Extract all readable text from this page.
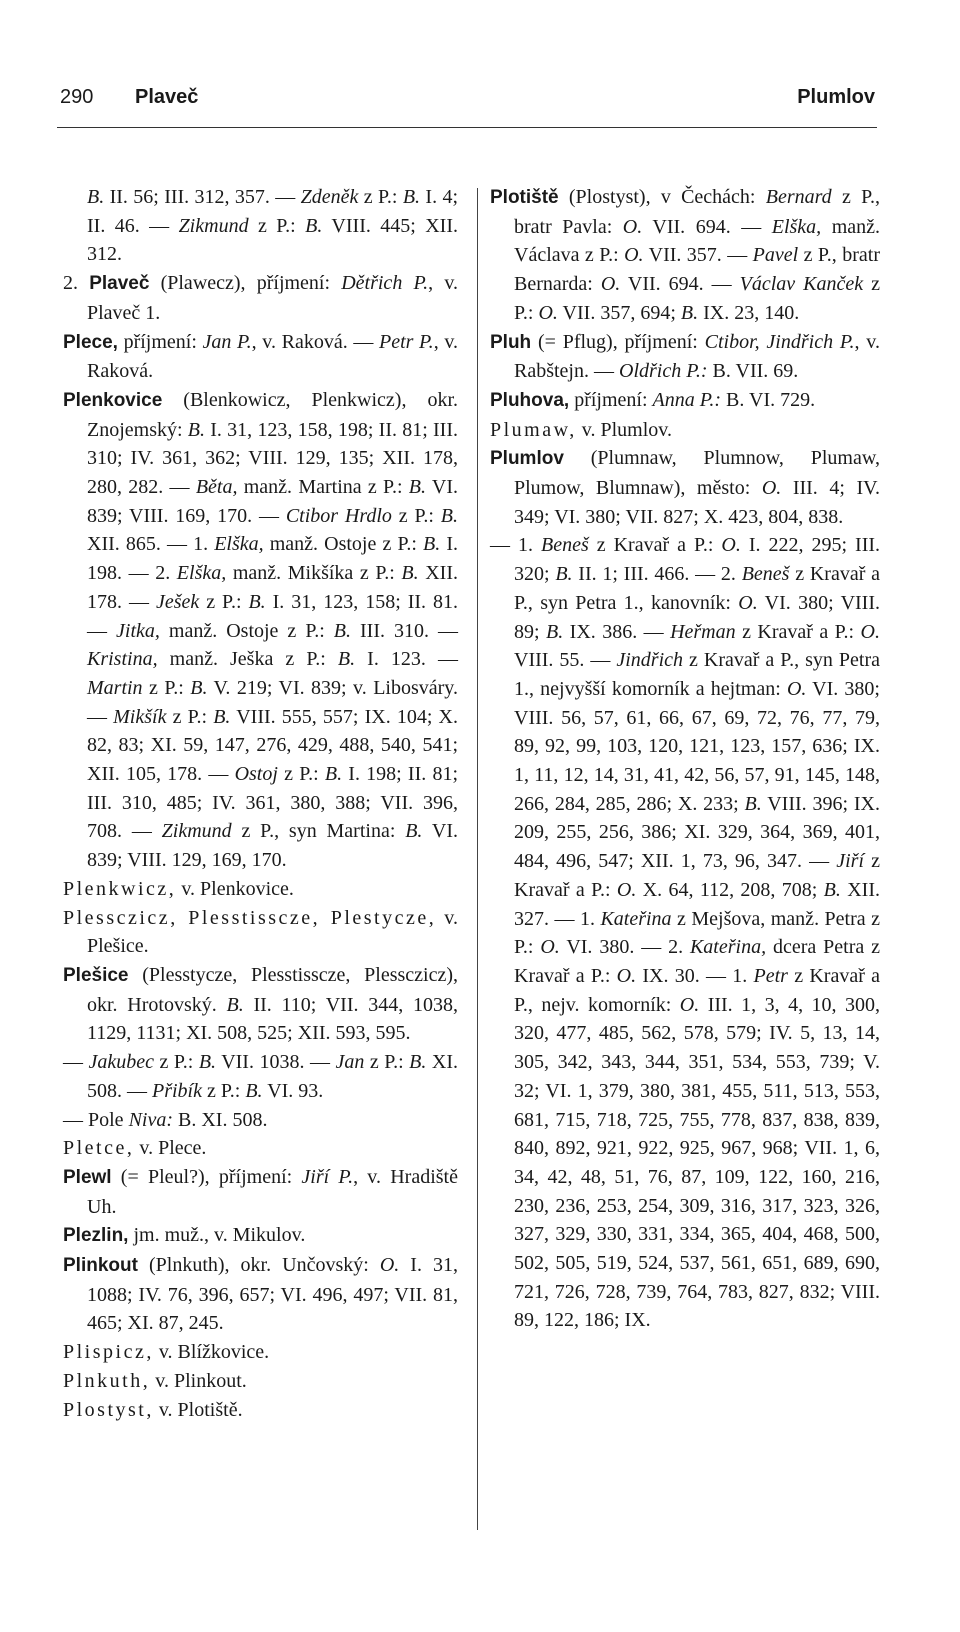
290 Plaveč	Plumlov

B. II. 56; III. 312, 357. — Zdeněk z P.: B. I. 4; II. 46. — Zikmund z P.: B. VIII. 445; XII. 312.

2. Plaveč (Plawecz), příjmení: Dětřich P., v. Plaveč 1.

Plece, příjmení: Jan P., v. Raková. — Petr P., v. Raková.

Plenkovice (Blenkowicz, Plenkwicz), okr. Znojemský: B. I. 31, 123, 158, 198; II. 81; III. 310; IV. 361, 362; VIII. 129, 135; XII. 178, 280, 282. — Běta, manž. Martina z P.: B. VI. 839; VIII. 169, 170. — Ctibor Hrdlo z P.: B. XII. 865. — 1. Elška, manž. Ostoje z P.: B. I. 198. — 2. Elška, manž. Mikšíka z P.: B. XII. 178. — Ješek z P.: B. I. 31, 123, 158; II. 81. — Jitka, manž. Ostoje z P.: B. III. 310. — Kristina, manž. Ješka z P.: B. I. 123. — Martin z P.: B. V. 219; VI. 839; v. Libosváry. — Mikšík z P.: B. VIII. 555, 557; IX. 104; X. 82, 83; XI. 59, 147, 276, 429, 488, 540, 541; XII. 105, 178. — Ostoj z P.: B. I. 198; II. 81; III. 310, 485; IV. 361, 380, 388; VII. 396, 708. — Zikmund z P., syn Martina: B. VI. 839; VIII. 129, 169, 170.

Plenkwicz, v. Plenkovice.

Plessczicz, Plesstissсze, Plestycze, v. Plešice.

Plešice (Plesstycze, Plesstisscze, Plessczicz), okr. Hrotovský. B. II. 110; VII. 344, 1038, 1129, 1131; XI. 508, 525; XII. 593, 595.

— Jakubec z P.: B. VII. 1038. — Jan z P.: B. XI. 508. — Přibík z P.: B. VI. 93.

— Pole Niva: B. XI. 508.

Pletce, v. Plece.

Plewl (= Pleul?), příjmení: Jiří P., v. Hradiště Uh.

Plezlin, jm. muž., v. Mikulov.

Plinkout (Plnkuth), okr. Unčovský: O. I. 31, 1088; IV. 76, 396, 657; VI. 496, 497; VII. 81, 465; XI. 87, 245.

Plispicz, v. Blížkovice.

Plnkuth, v. Plinkout.

Plostyst, v. Plotiště.

Plotiště (Plostyst), v Čechách: Bernard z P., bratr Pavla: O. VII. 694. — Elška, manž. Václava z P.: O. VII. 357. — Pavel z P., bratr Bernarda: O. VII. 694. — Václav Kanček z P.: O. VII. 357, 694; B. IX. 23, 140.

Pluh (= Pflug), příjmení: Ctibor, Jindřich P., v. Rabštejn. — Oldřich P.: B. VII. 69.

Pluhova, příjmení: Anna P.: B. VI. 729.

Plumaw, v. Plumlov.

Plumlov (Plumnaw, Plumnow, Plumaw, Plumow, Blumnaw), město: O. III. 4; IV. 349; VI. 380; VII. 827; X. 423, 804, 838.

— 1. Beneš z Kravař a P.: O. I. 222, 295; III. 320; B. II. 1; III. 466. — 2. Beneš z Kravař a P., syn Petra 1., kanovník: O. VI. 380; VIII. 89; B. IX. 386. — Heřman z Kravař a P.: O. VIII. 55. — Jindřich z Kravař a P., syn Petra 1., nejvyšší komorník a hejtman: O. VI. 380; VIII. 56, 57, 61, 66, 67, 69, 72, 76, 77, 79, 89, 92, 99, 103, 120, 121, 123, 157, 636; IX. 1, 11, 12, 14, 31, 41, 42, 56, 57, 91, 145, 148, 266, 284, 285, 286; X. 233; B. VIII. 396; IX. 209, 255, 256, 386; XI. 329, 364, 369, 401, 484, 496, 547; XII. 1, 73, 96, 347. — Jiří z Kravař a P.: O. X. 64, 112, 208, 708; B. XII. 327. — 1. Kateřina z Mejšova, manž. Petra z P.: O. VI. 380. — 2. Kateřina, dcera Petra z Kravař a P.: O. IX. 30. — 1. Petr z Kravař a P., nejv. komorník: O. III. 1, 3, 4, 10, 300, 320, 477, 485, 562, 578, 579; IV. 5, 13, 14, 305, 342, 343, 344, 351, 534, 553, 739; V. 32; VI. 1, 379, 380, 381, 455, 511, 513, 553, 681, 715, 718, 725, 755, 778, 837, 838, 839, 840, 892, 921, 922, 925, 967, 968; VII. 1, 6, 34, 42, 48, 51, 76, 87, 109, 122, 160, 216, 230, 236, 253, 254, 309, 316, 317, 323, 326, 327, 329, 330, 331, 334, 365, 404, 468, 500, 502, 505, 519, 524, 537, 561, 651, 689, 690, 721, 726, 728, 739, 764, 783, 827, 832; VIII. 89, 122, 186; IX.
